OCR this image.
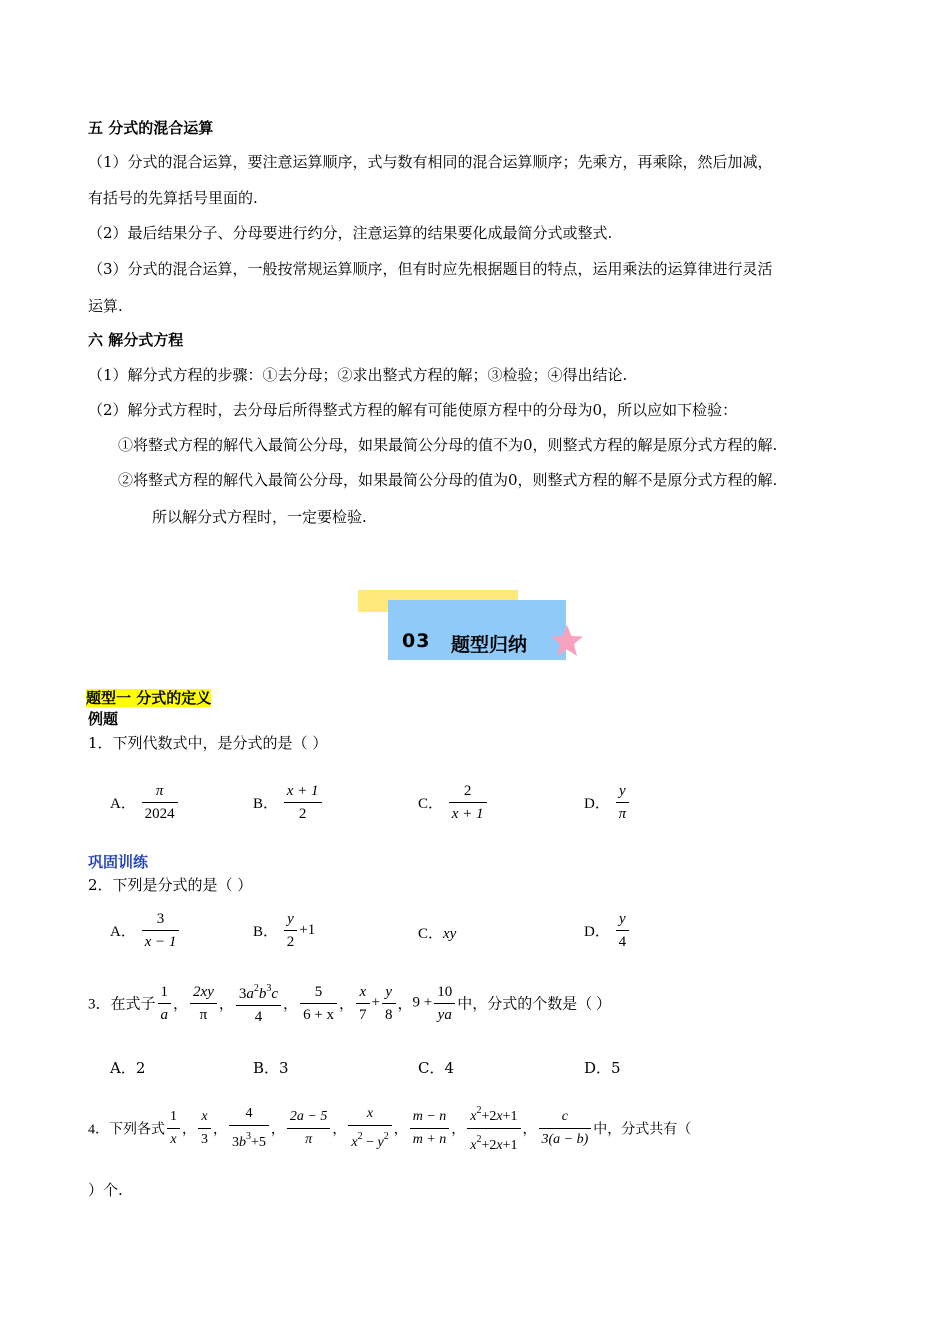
五 分式的混合运算
（1）分式的混合运算，要注意运算顺序，式与数有相同的混合运算顺序；先乘方，再乘除，然后加减，
有括号的先算括号里面的.
（2）最后结果分子、分母要进行约分，注意运算的结果要化成最简分式或整式.
（3）分式的混合运算，一般按常规运算顺序，但有时应先根据题目的特点，运用乘法的运算律进行灵活
运算.
六 解分式方程
（1）解分式方程的步骤：①去分母；②求出整式方程的解；③检验；④得出结论.
（2）解分式方程时，去分母后所得整式方程的解有可能使原方程中的分母为0，所以应如下检验：
①将整式方程的解代入最简公分母，如果最简公分母的值不为0，则整式方程的解是原分式方程的解.
②将整式方程的解代入最简公分母，如果最简公分母的值为0，则整式方程的解不是原分式方程的解.
所以解分式方程时，一定要检验.
03 题型归纳
题型一 分式的定义
例题
1．下列代数式中，是分式的是（ ）
A． $\frac{\pi}{2024}$	B． $\frac{x + 1}{2}$	C． $\frac{2}{x + 1}$	D． $\frac{y}{\pi}$
巩固训练
2．下列是分式的是（ ）
A． $\frac{3}{x - 1}$	B． $\frac{y}{2} +1$	C．xy	D． $\frac{y}{4}$
3．在式子 $\frac{1}{a}$ ， $\frac{2xy}{\pi}$ ， $\frac{3a^2b^3c}{4}$ ， $\frac{5}{6 + x}$ ， $\frac{x}{7} + \frac{y}{8}$ ，$9 + \frac{10}{ya}$ 中，分式的个数是（ ）
A．2	B．3	C．4	D．5
4．下列各式 $\frac{1}{x}$ ， $\frac{x}{3}$ ， $\frac{4}{3b^3+5}$ ， $\frac{2a - 5}{\pi}$ ， $\frac{x}{x^2 - y^2}$ ， $\frac{m - n}{m + n}$ ， $\frac{x^2+2x+1}{x^2+2x+1}$ ， $\frac{c}{3(a - b)}$ 中，分式共有（
）个.
